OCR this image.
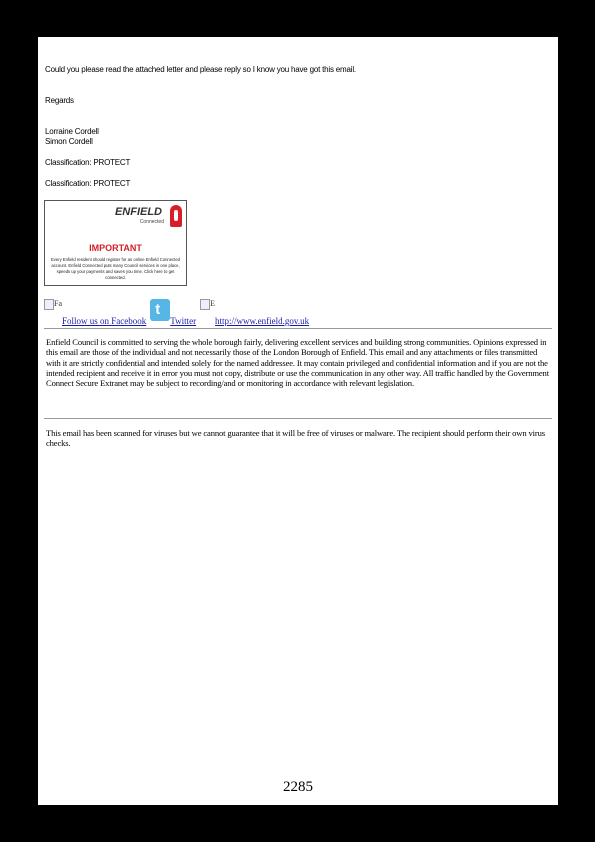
Could you please read the attached letter and please reply so I know you have got this email.
Regards
Lorraine Cordell
Simon Cordell
Classification: PROTECT
Classification: PROTECT
ENFIELD
Connected
IMPORTANT
Every Enfield resident should register for an online Enfield Connected account. Enfield Connected puts many Council services in one place, speeds up your payments and saves you time. Click here to get connected.
$Fa_{Follow us on Facebook}$
t
$_{Twitter}$ $E_{http://www.enfield.gov.uk}$
Enfield Council is committed to serving the whole borough fairly, delivering excellent services and building strong communities. Opinions expressed in this email are those of the individual and not necessarily those of the London Borough of Enfield. This email and any attachments or files transmitted with it are strictly confidential and intended solely for the named addressee. It may contain privileged and confidential information and if you are not the intended recipient and receive it in error you must not copy, distribute or use the communication in any other way. All traffic handled by the Government Connect Secure Extranet may be subject to recording/and or monitoring in accordance with relevant legislation.
This email has been scanned for viruses but we cannot guarantee that it will be free of viruses or malware. The recipient should perform their own virus checks.
2285
